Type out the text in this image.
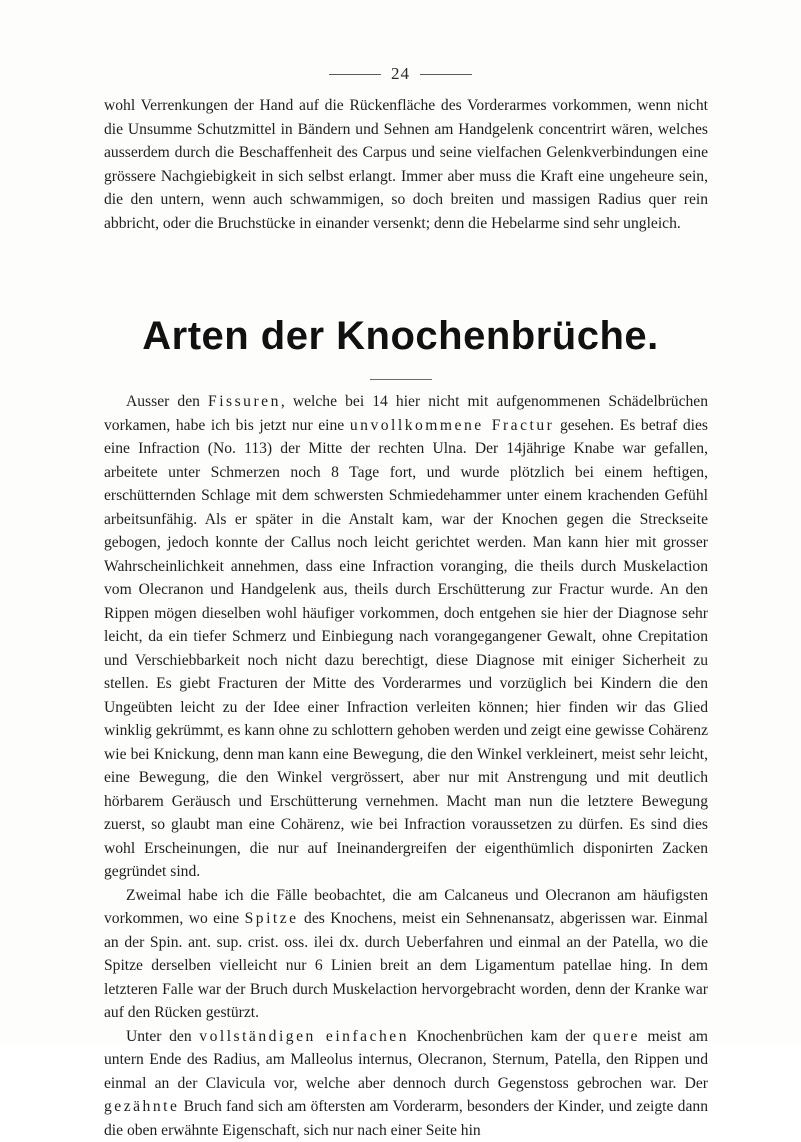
24

wohl Verrenkungen der Hand auf die Rückenfläche des Vorderarmes vorkommen, wenn nicht die Unsumme Schutzmittel in Bändern und Sehnen am Handgelenk concentrirt wären, welches ausserdem durch die Beschaffenheit des Carpus und seine vielfachen Gelenkverbindungen eine grössere Nachgiebigkeit in sich selbst erlangt. Immer aber muss die Kraft eine ungeheure sein, die den untern, wenn auch schwammigen, so doch breiten und massigen Radius quer rein abbricht, oder die Bruchstücke in einander versenkt; denn die Hebelarme sind sehr ungleich.

Arten der Knochenbrüche.

Ausser den Fissuren, welche bei 14 hier nicht mit aufgenommenen Schädelbrüchen vorkamen, habe ich bis jetzt nur eine unvollkommene Fractur gesehen. Es betraf dies eine Infraction (No. 113) der Mitte der rechten Ulna. Der 14jährige Knabe war gefallen, arbeitete unter Schmerzen noch 8 Tage fort, und wurde plötzlich bei einem heftigen, erschütternden Schlage mit dem schwersten Schmiedehammer unter einem krachenden Gefühl arbeitsunfähig. Als er später in die Anstalt kam, war der Knochen gegen die Streckseite gebogen, jedoch konnte der Callus noch leicht gerichtet werden. Man kann hier mit grosser Wahrscheinlichkeit annehmen, dass eine Infraction voranging, die theils durch Muskelaction vom Olecranon und Handgelenk aus, theils durch Erschütterung zur Fractur wurde. An den Rippen mögen dieselben wohl häufiger vorkommen, doch entgehen sie hier der Diagnose sehr leicht, da ein tiefer Schmerz und Einbiegung nach vorangegangener Gewalt, ohne Crepitation und Verschiebbarkeit noch nicht dazu berechtigt, diese Diagnose mit einiger Sicherheit zu stellen. Es giebt Fracturen der Mitte des Vorderarmes und vorzüglich bei Kindern die den Ungeübten leicht zu der Idee einer Infraction verleiten können; hier finden wir das Glied winklig gekrümmt, es kann ohne zu schlottern gehoben werden und zeigt eine gewisse Cohärenz wie bei Knickung, denn man kann eine Bewegung, die den Winkel verkleinert, meist sehr leicht, eine Bewegung, die den Winkel vergrössert, aber nur mit Anstrengung und mit deutlich hörbarem Geräusch und Erschütterung vernehmen. Macht man nun die letztere Bewegung zuerst, so glaubt man eine Cohärenz, wie bei Infraction voraussetzen zu dürfen. Es sind dies wohl Erscheinungen, die nur auf Ineinandergreifen der eigenthümlich disponirten Zacken gegründet sind.

Zweimal habe ich die Fälle beobachtet, die am Calcaneus und Olecranon am häufigsten vorkommen, wo eine Spitze des Knochens, meist ein Sehnenansatz, abgerissen war. Einmal an der Spin. ant. sup. crist. oss. ilei dx. durch Ueberfahren und einmal an der Patella, wo die Spitze derselben vielleicht nur 6 Linien breit an dem Ligamentum patellae hing. In dem letzteren Falle war der Bruch durch Muskelaction hervorgebracht worden, denn der Kranke war auf den Rücken gestürzt.

Unter den vollständigen einfachen Knochenbrüchen kam der quere meist am untern Ende des Radius, am Malleolus internus, Olecranon, Sternum, Patella, den Rippen und einmal an der Clavicula vor, welche aber dennoch durch Gegenstoss gebrochen war. Der gezähnte Bruch fand sich am öftersten am Vorderarm, besonders der Kinder, und zeigte dann die oben erwähnte Eigenschaft, sich nur nach einer Seite hin
